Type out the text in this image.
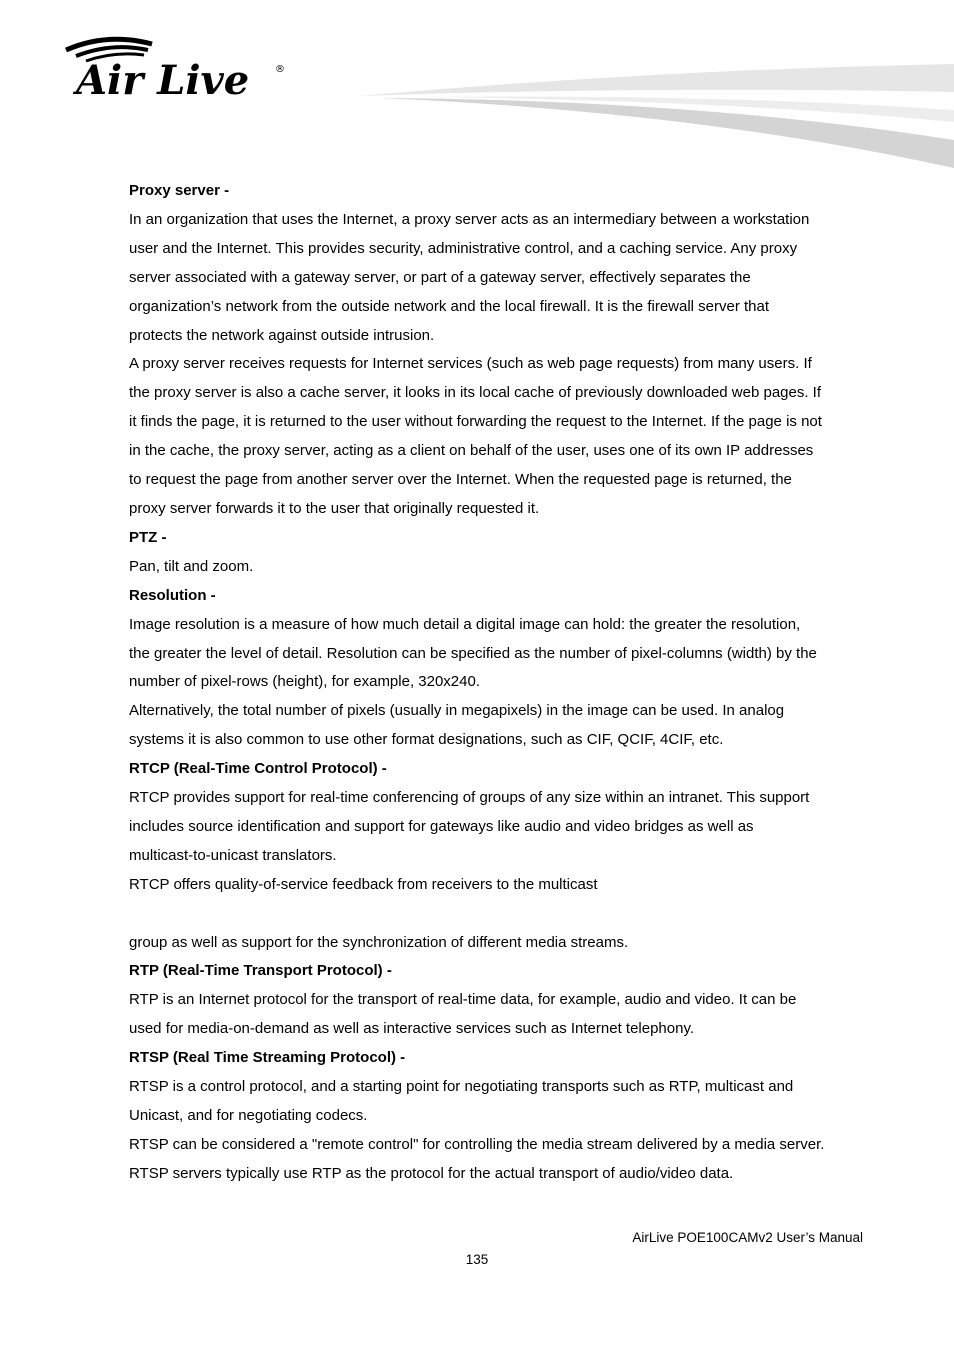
Air Live	®
Proxy server -
In an organization that uses the Internet, a proxy server acts as an intermediary between a workstation
user and the Internet. This provides security, administrative control, and a caching service. Any proxy
server associated with a gateway server, or part of a gateway server, effectively separates the
organization’s network from the outside network and the local firewall. It is the firewall server that
protects the network against outside intrusion.
A proxy server receives requests for Internet services (such as web page requests) from many users. If
the proxy server is also a cache server, it looks in its local cache of previously downloaded web pages. If
it finds the page, it is returned to the user without forwarding the request to the Internet. If the page is not
in the cache, the proxy server, acting as a client on behalf of the user, uses one of its own IP addresses
to request the page from another server over the Internet. When the requested page is returned, the
proxy server forwards it to the user that originally requested it.
PTZ -
Pan, tilt and zoom.
Resolution -
Image resolution is a measure of how much detail a digital image can hold: the greater the resolution,
the greater the level of detail. Resolution can be specified as the number of pixel-columns (width) by the
number of pixel-rows (height), for example, 320x240.
Alternatively, the total number of pixels (usually in megapixels) in the image can be used. In analog
systems it is also common to use other format designations, such as CIF, QCIF, 4CIF, etc.
RTCP (Real-Time Control Protocol) -
RTCP provides support for real-time conferencing of groups of any size within an intranet. This support
includes source identification and support for gateways like audio and video bridges as well as
multicast-to-unicast translators.
RTCP offers quality-of-service feedback from receivers to the multicast
group as well as support for the synchronization of different media streams.
RTP (Real-Time Transport Protocol) -
RTP is an Internet protocol for the transport of real-time data, for example, audio and video. It can be
used for media-on-demand as well as interactive services such as Internet telephony.
RTSP (Real Time Streaming Protocol) -
RTSP is a control protocol, and a starting point for negotiating transports such as RTP, multicast and
Unicast, and for negotiating codecs.
RTSP can be considered a "remote control" for controlling the media stream delivered by a media server.
RTSP servers typically use RTP as the protocol for the actual transport of audio/video data.
AirLive POE100CAMv2 User’s Manual
135
